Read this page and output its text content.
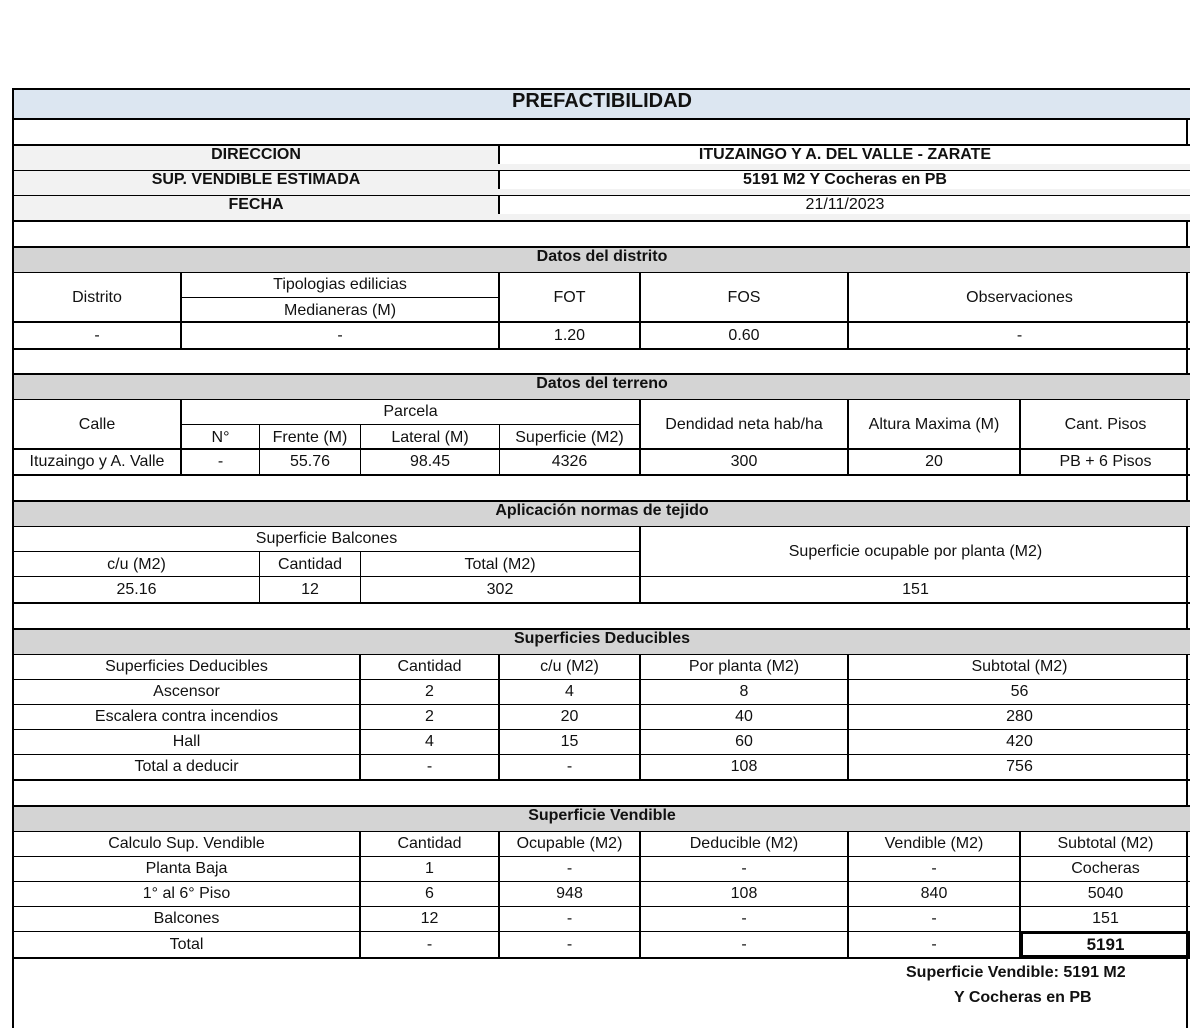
PREFACTIBILIDAD
DIRECCION	ITUZAINGO Y A. DEL VALLE - ZARATE
SUP. VENDIBLE ESTIMADA	5191 M2 Y Cocheras en PB
FECHA	21/11/2023
Datos del distrito
Distrito
Tipologias edilicias
Medianeras (M)
FOT	FOS	Observaciones
-	-	1.20	0.60	-
Datos del terreno
Calle
Parcela
N°	Frente (M)	Lateral (M)	Superficie (M2)
Dendidad neta hab/ha	Altura Maxima (M)	Cant. Pisos
Ituzaingo y A. Valle	-	55.76	98.45	4326	300	20	PB + 6 Pisos
Aplicación normas de tejido
Superficie Balcones
c/u (M2)	Cantidad	Total (M2)
Superficie ocupable por planta (M2)
25.16	12	302	151
Superficies Deducibles
Superficies Deducibles	Cantidad	c/u (M2)	Por planta (M2)	Subtotal (M2)
Ascensor	2	4	8	56
Escalera contra incendios	2	20	40	280
Hall	4	15	60	420
Total a deducir	-	-	108	756
Superficie Vendible
Calculo Sup. Vendible	Cantidad	Ocupable (M2)	Deducible (M2)	Vendible (M2)	Subtotal (M2)
Planta Baja	1	-	-	-	Cocheras
1° al 6° Piso	6	948	108	840	5040
Balcones	12	-	-	-	151
Total	-	-	-	-	5191
Superficie Vendible: 5191 M2
Y Cocheras en PB
